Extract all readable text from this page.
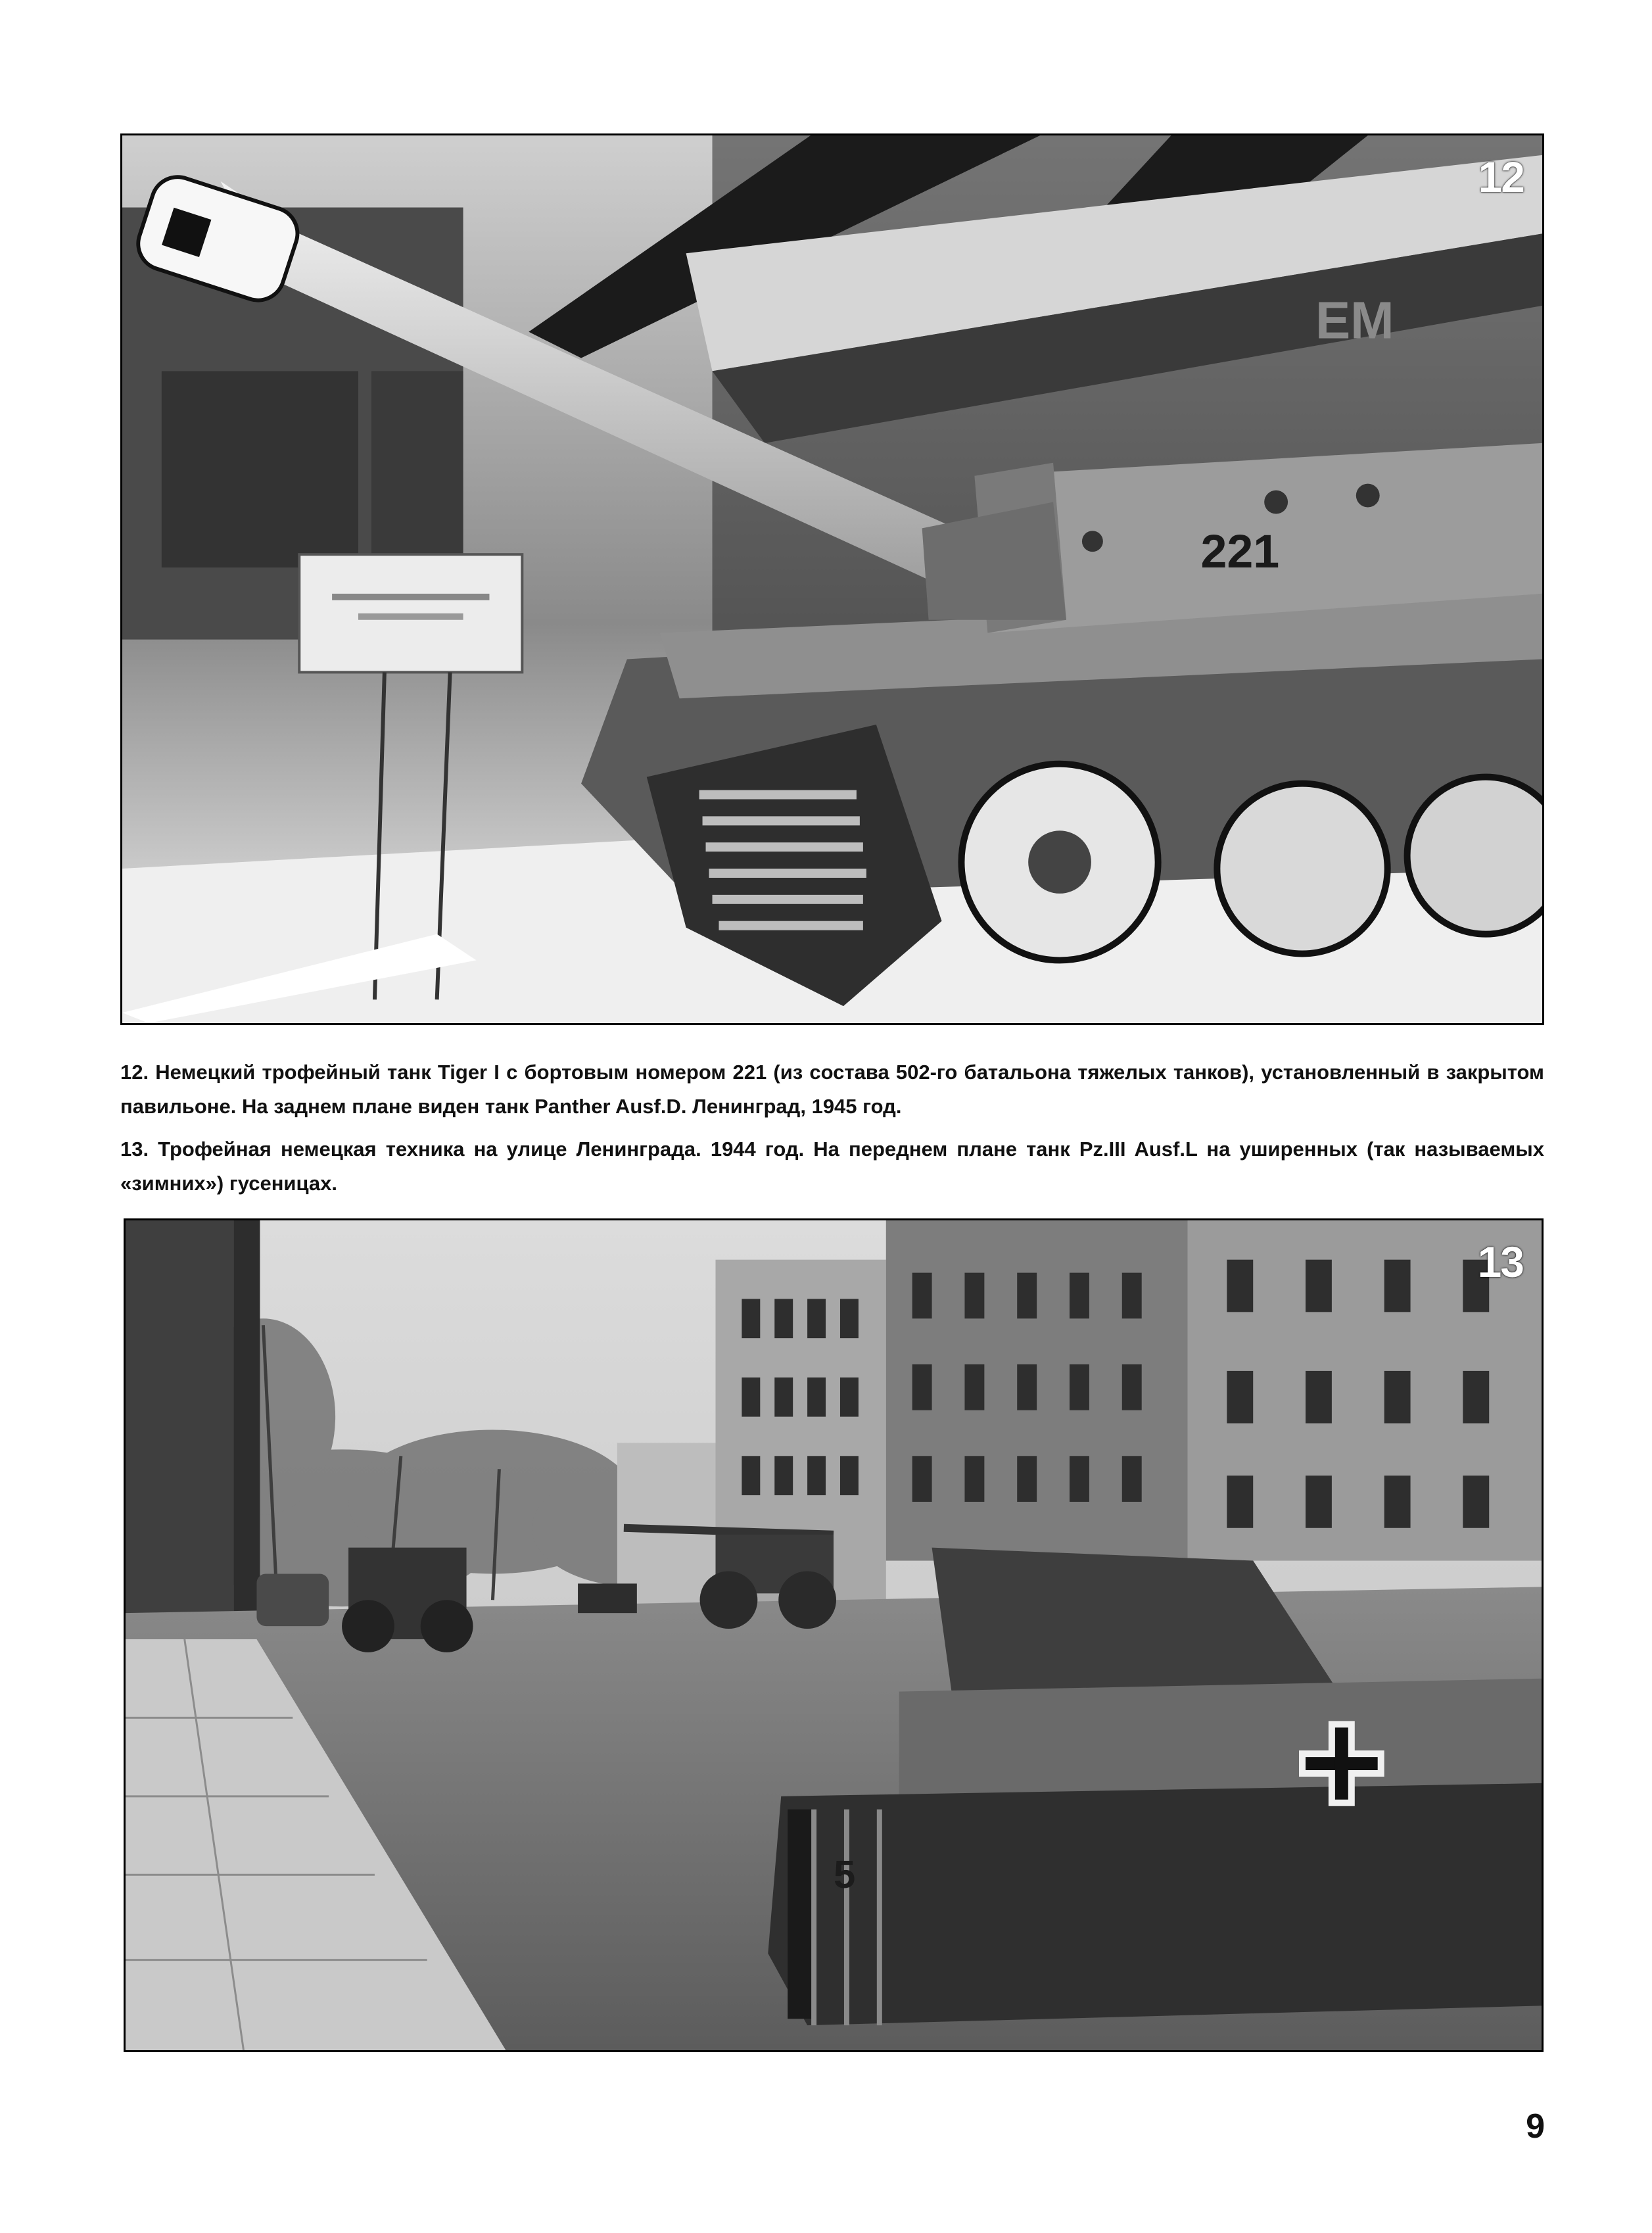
221
EM
12

12. Немецкий трофейный танк Tiger I с бортовым номером 221 (из состава 502-го батальона тяжелых танков), установленный в закрытом павильоне. На заднем плане виден танк Panther Ausf.D. Ленинград, 1945 год.

13. Трофейная немецкая техника на улице Ленинграда. 1944 год. На переднем плане танк Pz.III Ausf.L на уширенных (так называемых «зимних») гусеницах.

5
13
9
